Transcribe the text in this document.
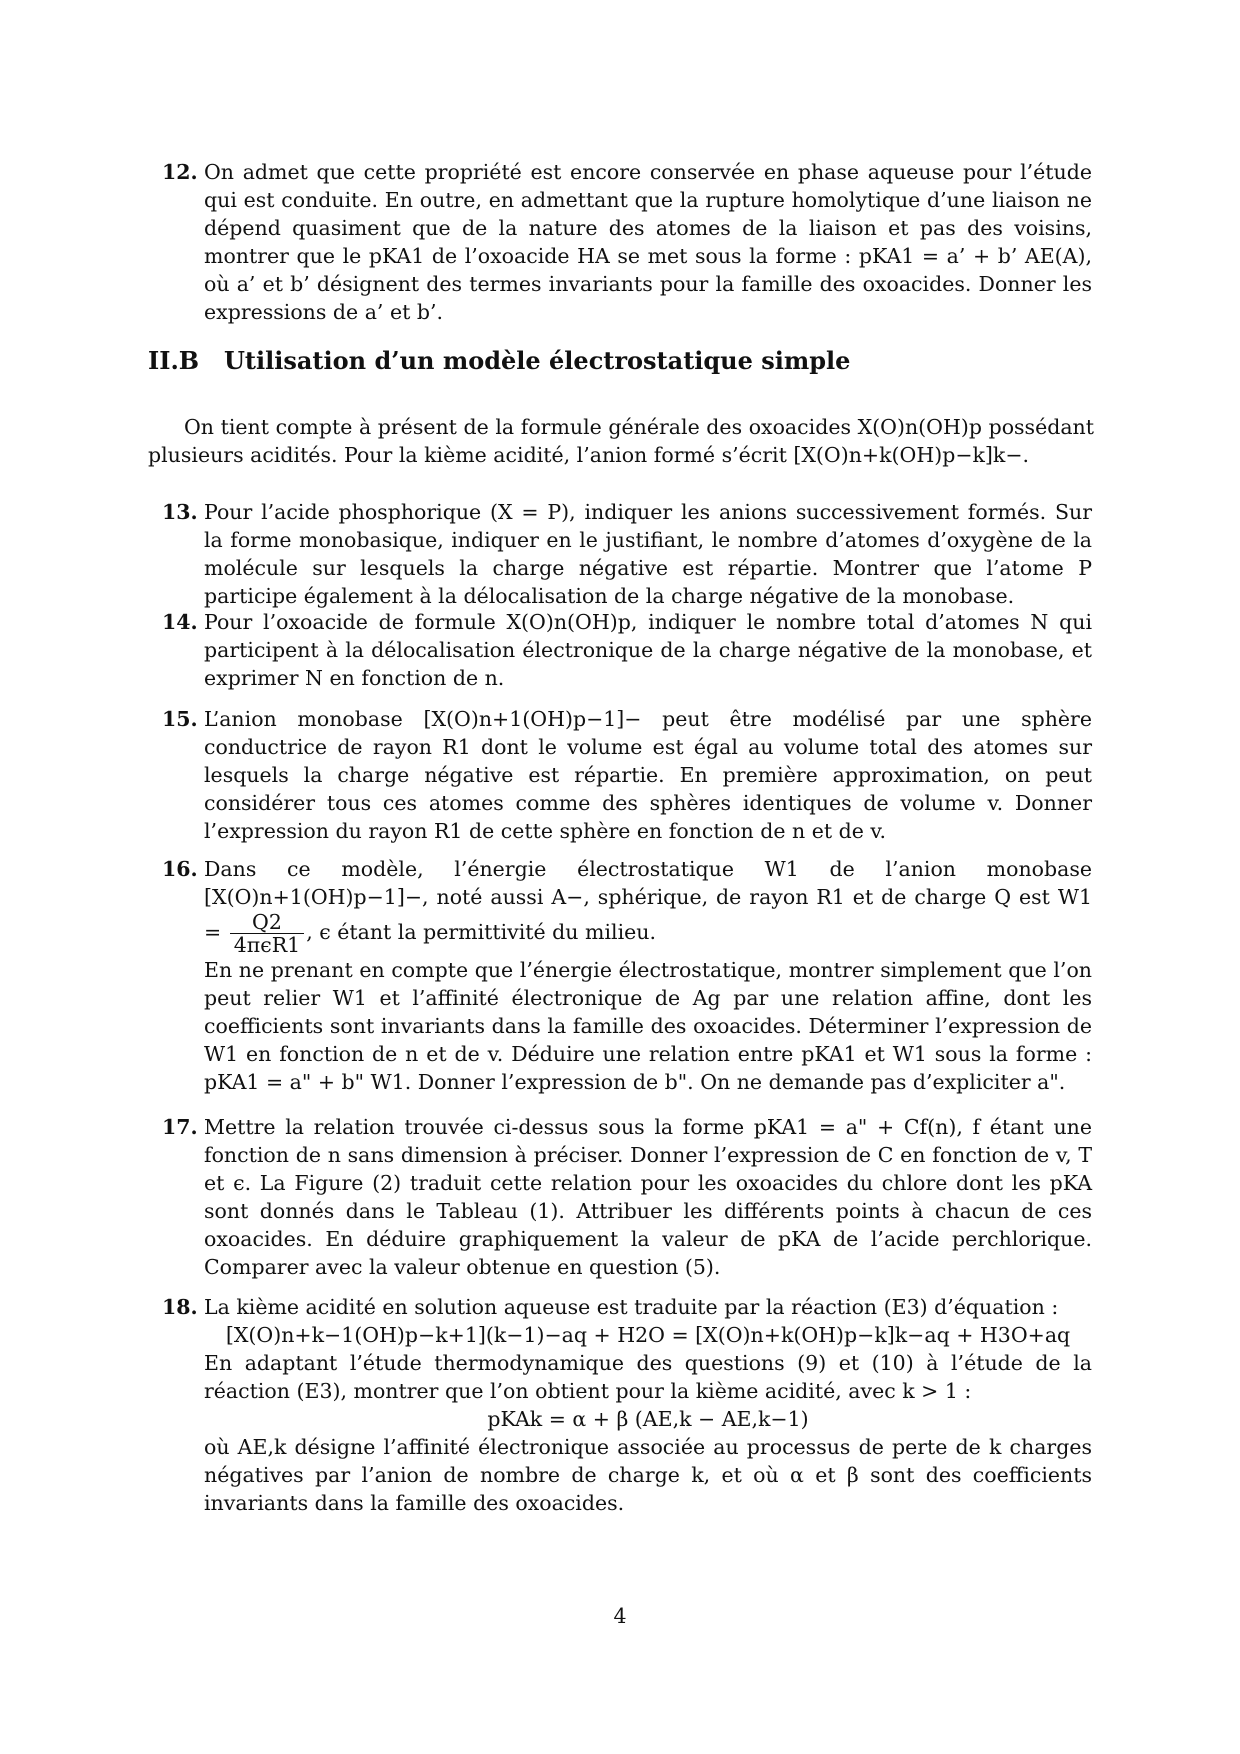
12. On admet que cette propriété est encore conservée en phase aqueuse pour l’étude qui est conduite. En outre, en admettant que la rupture homolytique d’une liaison ne dépend quasiment que de la nature des atomes de la liaison et pas des voisins, montrer que le pKA1 de l’oxoacide HA se met sous la forme : pKA1 = a’ + b’ AE(A), où a’ et b’ désignent des termes invariants pour la famille des oxoacides. Donner les expressions de a’ et b’.

II.B Utilisation d’un modèle électrostatique simple

On tient compte à présent de la formule générale des oxoacides X(O)n(OH)p possédant plusieurs acidités. Pour la kième acidité, l’anion formé s’écrit [X(O)n+k(OH)p−k]k−.

13. Pour l’acide phosphorique (X = P), indiquer les anions successivement formés. Sur la forme monobasique, indiquer en le justifiant, le nombre d’atomes d’oxygène de la molécule sur lesquels la charge négative est répartie. Montrer que l’atome P participe également à la délocalisation de la charge négative de la monobase.

14. Pour l’oxoacide de formule X(O)n(OH)p, indiquer le nombre total d’atomes N qui participent à la délocalisation électronique de la charge négative de la monobase, et exprimer N en fonction de n.

15. L’anion monobase [X(O)n+1(OH)p−1]− peut être modélisé par une sphère conductrice de rayon R1 dont le volume est égal au volume total des atomes sur lesquels la charge négative est répartie. En première approximation, on peut considérer tous ces atomes comme des sphères identiques de volume v. Donner l’expression du rayon R1 de cette sphère en fonction de n et de v.

16. Dans ce modèle, l’énergie électrostatique W1 de l’anion monobase [X(O)n+1(OH)p−1]−, noté aussi A−, sphérique, de rayon R1 et de charge Q est $W1 = \frac{Q2}{\text{4πϵR1}}$ , ϵ étant la permittivité du milieu.

En ne prenant en compte que l’énergie électrostatique, montrer simplement que l’on peut relier W1 et l’affinité électronique de Ag par une relation affine, dont les coefficients sont invariants dans la famille des oxoacides. Déterminer l’expression de W1 en fonction de n et de v. Déduire une relation entre pKA1 et W1 sous la forme : pKA1 = a" + b" W1. Donner l’expression de b". On ne demande pas d’expliciter a".

17. Mettre la relation trouvée ci-dessus sous la forme pKA1 = a" + Cf(n), f étant une fonction de n sans dimension à préciser. Donner l’expression de C en fonction de v, T et ϵ. La Figure (2) traduit cette relation pour les oxoacides du chlore dont les pKA sont donnés dans le Tableau (1). Attribuer les différents points à chacun de ces oxoacides. En déduire graphiquement la valeur de pKA de l’acide perchlorique. Comparer avec la valeur obtenue en question (5).

18. La kième acidité en solution aqueuse est traduite par la réaction (E3) d’équation :

[X(O)n+k−1(OH)p−k+1](k−1)−aq + H2O = [X(O)n+k(OH)p−k]k−aq + H3O+aq

En adaptant l’étude thermodynamique des questions (9) et (10) à l’étude de la réaction (E3), montrer que l’on obtient pour la kième acidité, avec k > 1 :

pKAk = α + β (AE,k − AE,k−1)

où AE,k désigne l’affinité électronique associée au processus de perte de k charges négatives par l’anion de nombre de charge k, et où α et β sont des coefficients invariants dans la famille des oxoacides.

4
